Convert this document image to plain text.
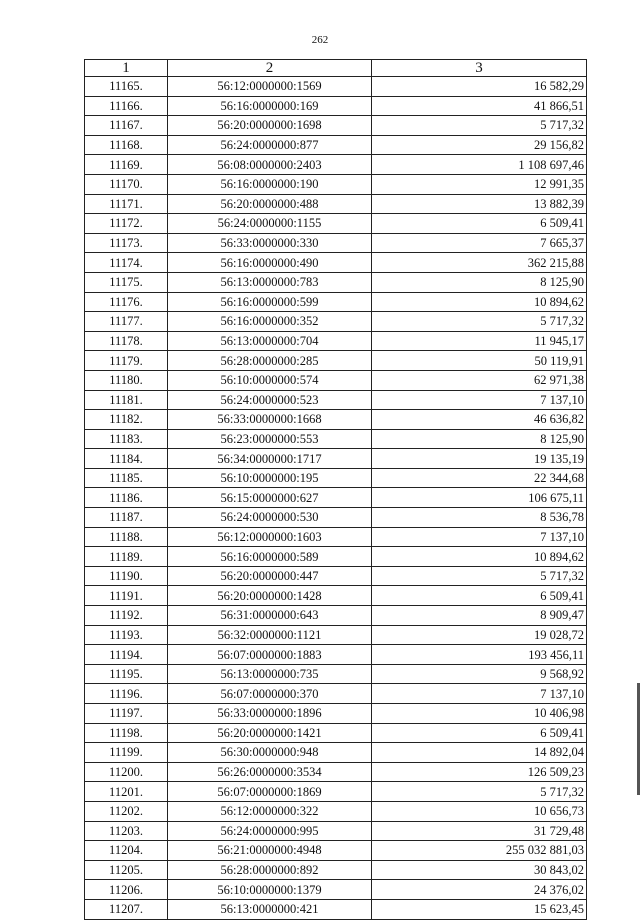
262
1	2	3
11165.	56:12:0000000:1569	16 582,29
11166.	56:16:0000000:169	41 866,51
11167.	56:20:0000000:1698	5 717,32
11168.	56:24:0000000:877	29 156,82
11169.	56:08:0000000:2403	1 108 697,46
11170.	56:16:0000000:190	12 991,35
11171.	56:20:0000000:488	13 882,39
11172.	56:24:0000000:1155	6 509,41
11173.	56:33:0000000:330	7 665,37
11174.	56:16:0000000:490	362 215,88
11175.	56:13:0000000:783	8 125,90
11176.	56:16:0000000:599	10 894,62
11177.	56:16:0000000:352	5 717,32
11178.	56:13:0000000:704	11 945,17
11179.	56:28:0000000:285	50 119,91
11180.	56:10:0000000:574	62 971,38
11181.	56:24:0000000:523	7 137,10
11182.	56:33:0000000:1668	46 636,82
11183.	56:23:0000000:553	8 125,90
11184.	56:34:0000000:1717	19 135,19
11185.	56:10:0000000:195	22 344,68
11186.	56:15:0000000:627	106 675,11
11187.	56:24:0000000:530	8 536,78
11188.	56:12:0000000:1603	7 137,10
11189.	56:16:0000000:589	10 894,62
11190.	56:20:0000000:447	5 717,32
11191.	56:20:0000000:1428	6 509,41
11192.	56:31:0000000:643	8 909,47
11193.	56:32:0000000:1121	19 028,72
11194.	56:07:0000000:1883	193 456,11
11195.	56:13:0000000:735	9 568,92
11196.	56:07:0000000:370	7 137,10
11197.	56:33:0000000:1896	10 406,98
11198.	56:20:0000000:1421	6 509,41
11199.	56:30:0000000:948	14 892,04
11200.	56:26:0000000:3534	126 509,23
11201.	56:07:0000000:1869	5 717,32
11202.	56:12:0000000:322	10 656,73
11203.	56:24:0000000:995	31 729,48
11204.	56:21:0000000:4948	255 032 881,03
11205.	56:28:0000000:892	30 843,02
11206.	56:10:0000000:1379	24 376,02
11207.	56:13:0000000:421	15 623,45
